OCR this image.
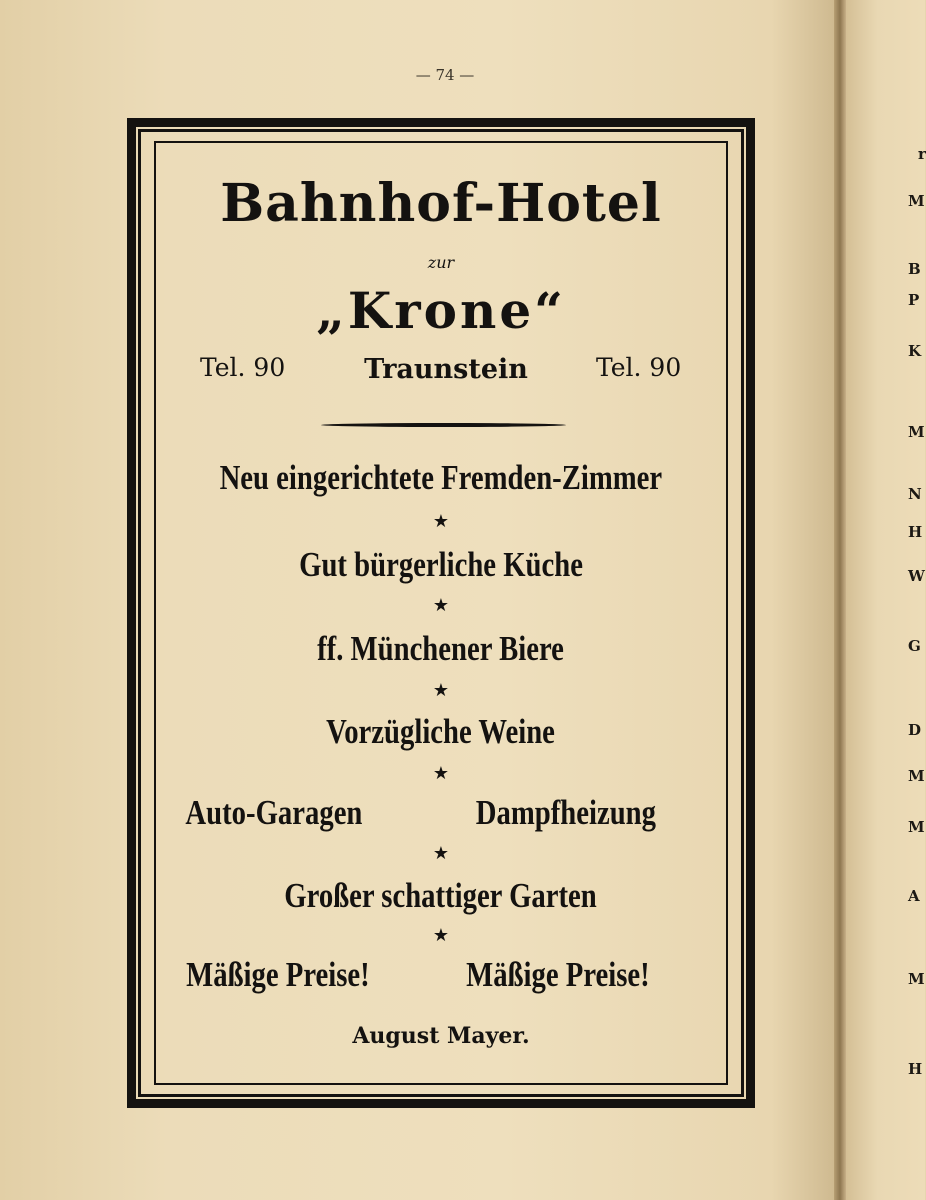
— 74 —
Bahnhof-Hotel
zur
„Krone“
Tel. 90	Traunstein	Tel. 90
Neu eingerichtete Fremden-Zimmer
★
Gut bürgerliche Küche
★
ff. Münchener Biere
★
Vorzügliche Weine
★
Auto-Garagen	Dampfheizung
★
Großer schattiger Garten
★
Mäßige Preise!	Mäßige Preise!
August Mayer.
r
M
B
P
K
M
N
H
W
G
D
M
M
A
M
H
